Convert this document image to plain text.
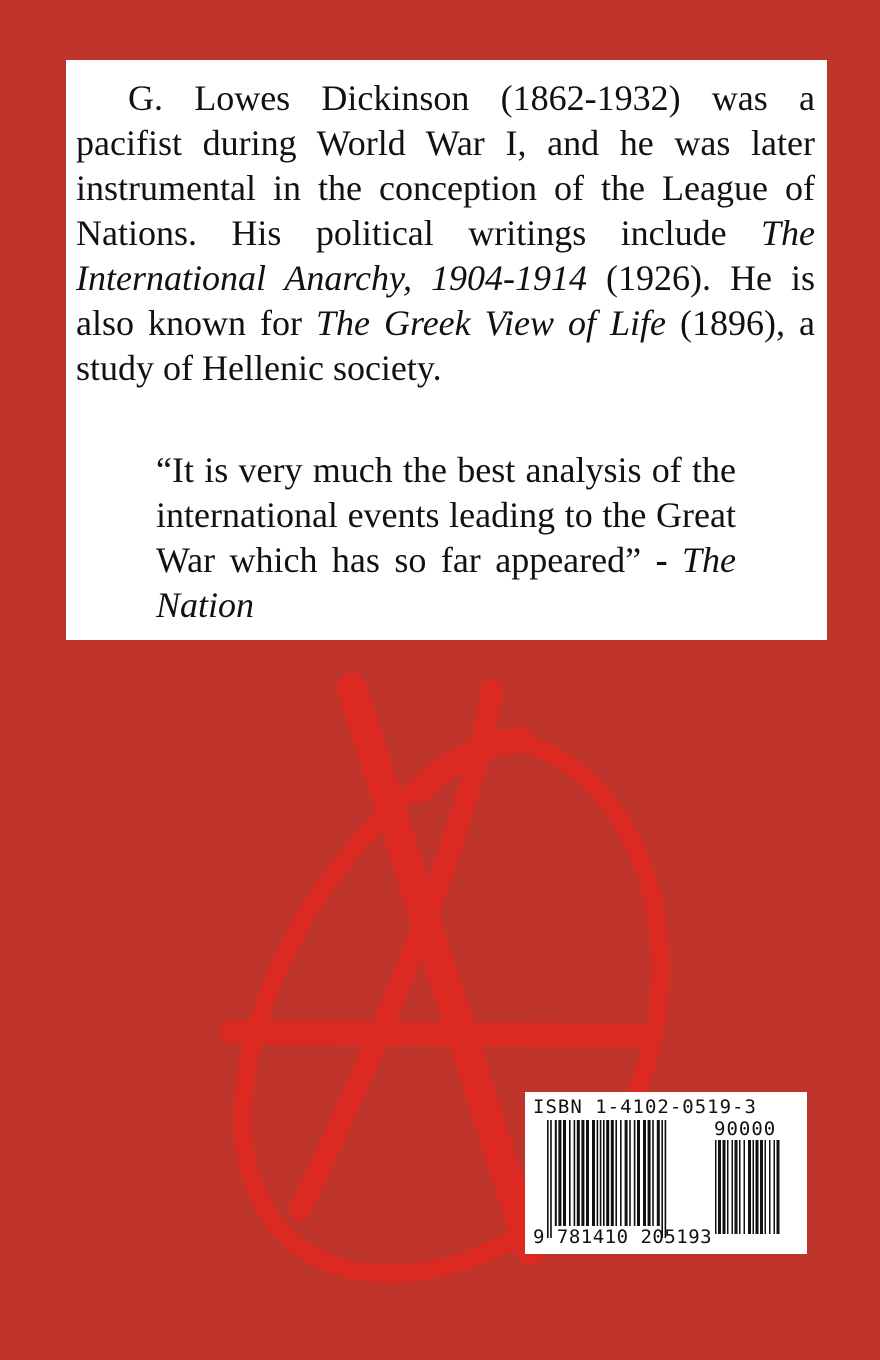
G. Lowes Dickinson (1862-1932) was a pacifist during World War I, and he was later instrumental in the conception of the League of Nations. His political writings include The International Anarchy, 1904-1914 (1926). He is also known for The Greek View of Life (1896), a study of Hellenic society.

“It is very much the best analysis of the international events leading to the Great War which has so far appeared” - The Nation

ISBN 1-4102-0519-3
90000
9 781410 205193
